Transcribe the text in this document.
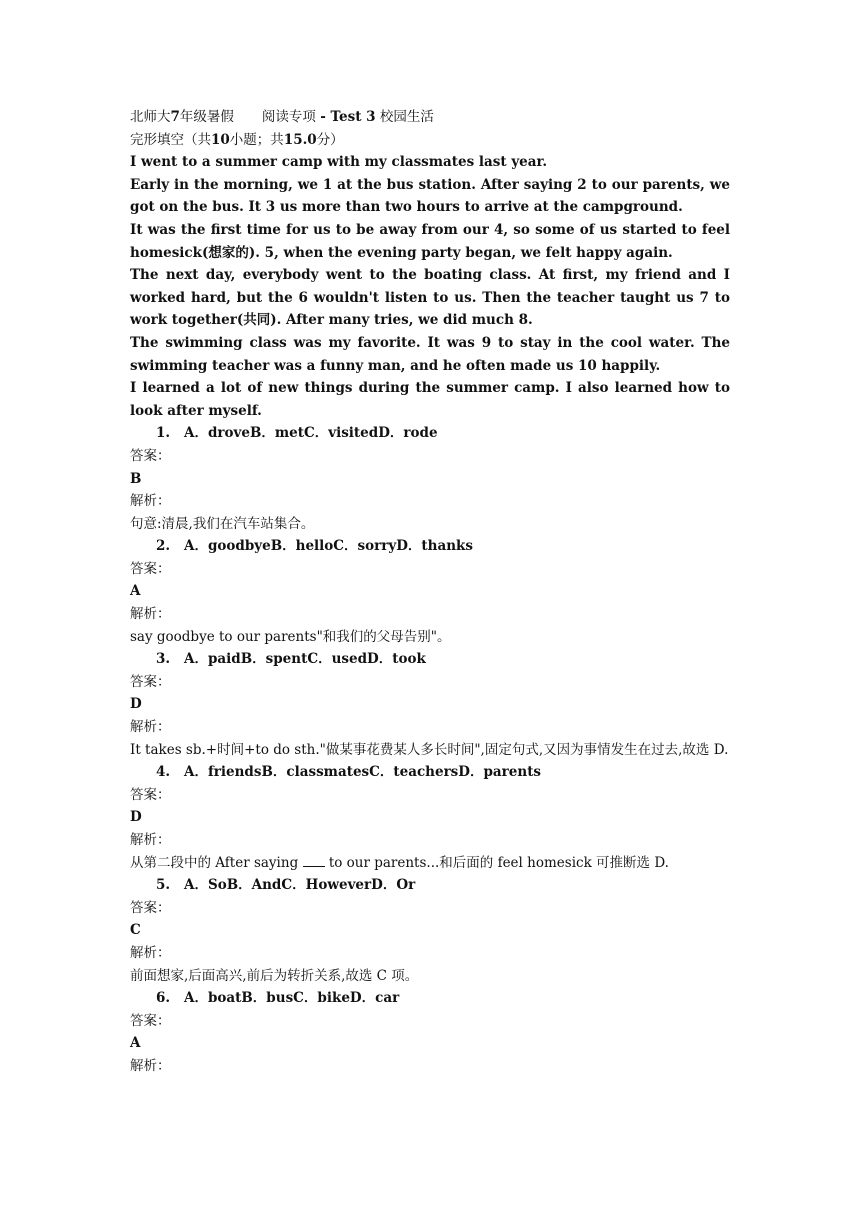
北师大7年级暑假 阅读专项 - Test 3 校园生活
完形填空（共10小题；共15.0分）
I went to a summer camp with my classmates last year.
Early in the morning, we 1 at the bus station. After saying 2 to our parents, we got on the bus. It 3 us more than two hours to arrive at the campground.
It was the first time for us to be away from our 4, so some of us started to feel homesick(想家的). 5, when the evening party began, we felt happy again.
The next day, everybody went to the boating class. At first, my friend and I worked hard, but the 6 wouldn't listen to us. Then the teacher taught us 7 to work together(共同). After many tries, we did much 8.
The swimming class was my favorite. It was 9 to stay in the cool water. The swimming teacher was a funny man, and he often made us 10 happily.
I learned a lot of new things during the summer camp. I also learned how to look after myself.
1. A．droveB．metC．visitedD．rode
答案：
B
解析：
句意:清晨,我们在汽车站集合。
2. A．goodbyeB．helloC．sorryD．thanks
答案：
A
解析：
say goodbye to our parents"和我们的父母告别"。
3. A．paidB．spentC．usedD．took
答案：
D
解析：
It takes sb.+时间+to do sth."做某事花费某人多长时间",固定句式,又因为事情发生在过去,故选 D.
4. A．friendsB．classmatesC．teachersD．parents
答案：
D
解析：
从第二段中的 After saying to our parents...和后面的 feel homesick 可推断选 D.
5. A．SoB．AndC．HoweverD．Or
答案：
C
解析：
前面想家,后面高兴,前后为转折关系,故选 C 项。
6. A．boatB．busC．bikeD．car
答案：
A
解析：
